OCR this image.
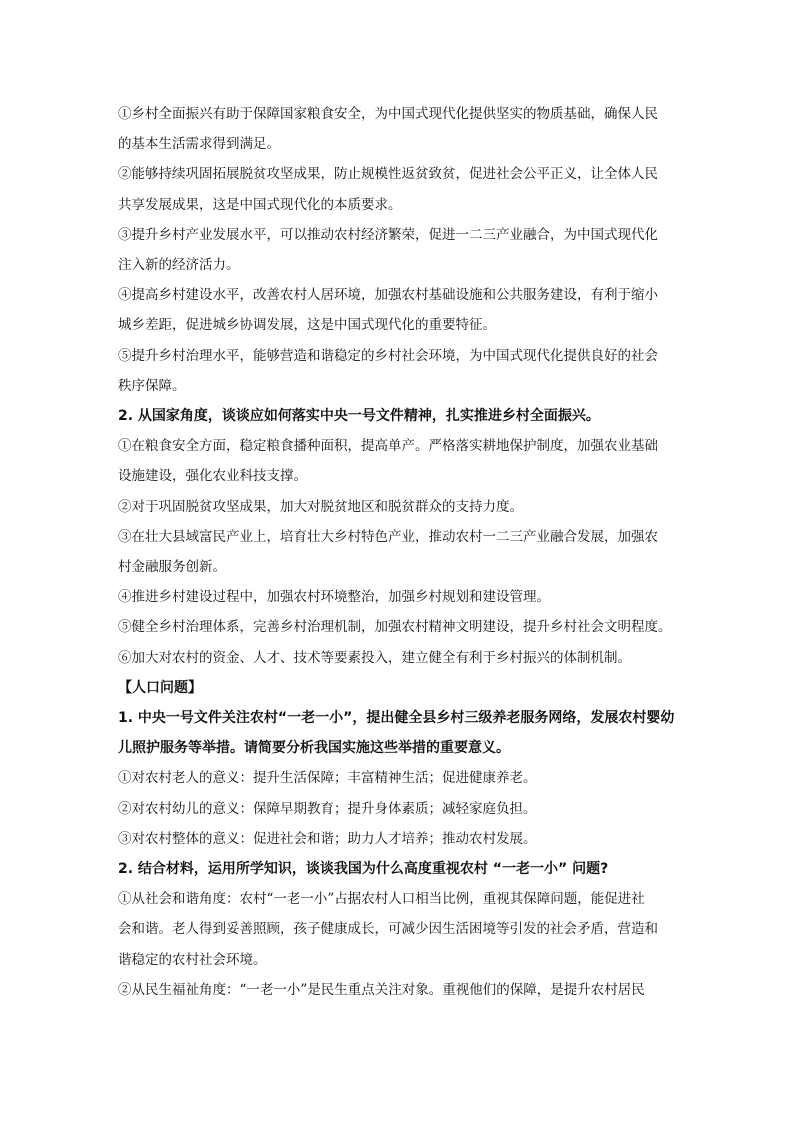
①乡村全面振兴有助于保障国家粮食安全，为中国式现代化提供坚实的物质基础，确保人民
的基本生活需求得到满足。

②能够持续巩固拓展脱贫攻坚成果，防止规模性返贫致贫，促进社会公平正义，让全体人民
共享发展成果，这是中国式现代化的本质要求。

③提升乡村产业发展水平，可以推动农村经济繁荣，促进一二三产业融合，为中国式现代化
注入新的经济活力。

④提高乡村建设水平，改善农村人居环境，加强农村基础设施和公共服务建设，有利于缩小
城乡差距，促进城乡协调发展，这是中国式现代化的重要特征。

⑤提升乡村治理水平，能够营造和谐稳定的乡村社会环境，为中国式现代化提供良好的社会
秩序保障。

2. 从国家角度，谈谈应如何落实中央一号文件精神，扎实推进乡村全面振兴。

①在粮食安全方面，稳定粮食播种面积，提高单产。严格落实耕地保护制度，加强农业基础
设施建设，强化农业科技支撑。

②对于巩固脱贫攻坚成果，加大对脱贫地区和脱贫群众的支持力度。

③在壮大县域富民产业上，培育壮大乡村特色产业，推动农村一二三产业融合发展，加强农
村金融服务创新。

④推进乡村建设过程中，加强农村环境整治，加强乡村规划和建设管理。

⑤健全乡村治理体系，完善乡村治理机制，加强农村精神文明建设，提升乡村社会文明程度。

⑥加大对农村的资金、人才、技术等要素投入，建立健全有利于乡村振兴的体制机制。

【人口问题】

1. 中央一号文件关注农村“一老一小”，提出健全县乡村三级养老服务网络，发展农村婴幼
儿照护服务等举措。请简要分析我国实施这些举措的重要意义。

①对农村老人的意义：提升生活保障；丰富精神生活；促进健康养老。

②对农村幼儿的意义：保障早期教育；提升身体素质；减轻家庭负担。

③对农村整体的意义：促进社会和谐；助力人才培养；推动农村发展。

2. 结合材料，运用所学知识，谈谈我国为什么高度重视农村 “一老一小” 问题?

①从社会和谐角度：农村“一老一小”占据农村人口相当比例，重视其保障问题，能促进社
会和谐。老人得到妥善照顾，孩子健康成长，可减少因生活困境等引发的社会矛盾，营造和
谐稳定的农村社会环境。

②从民生福祉角度：“一老一小”是民生重点关注对象。重视他们的保障，是提升农村居民
